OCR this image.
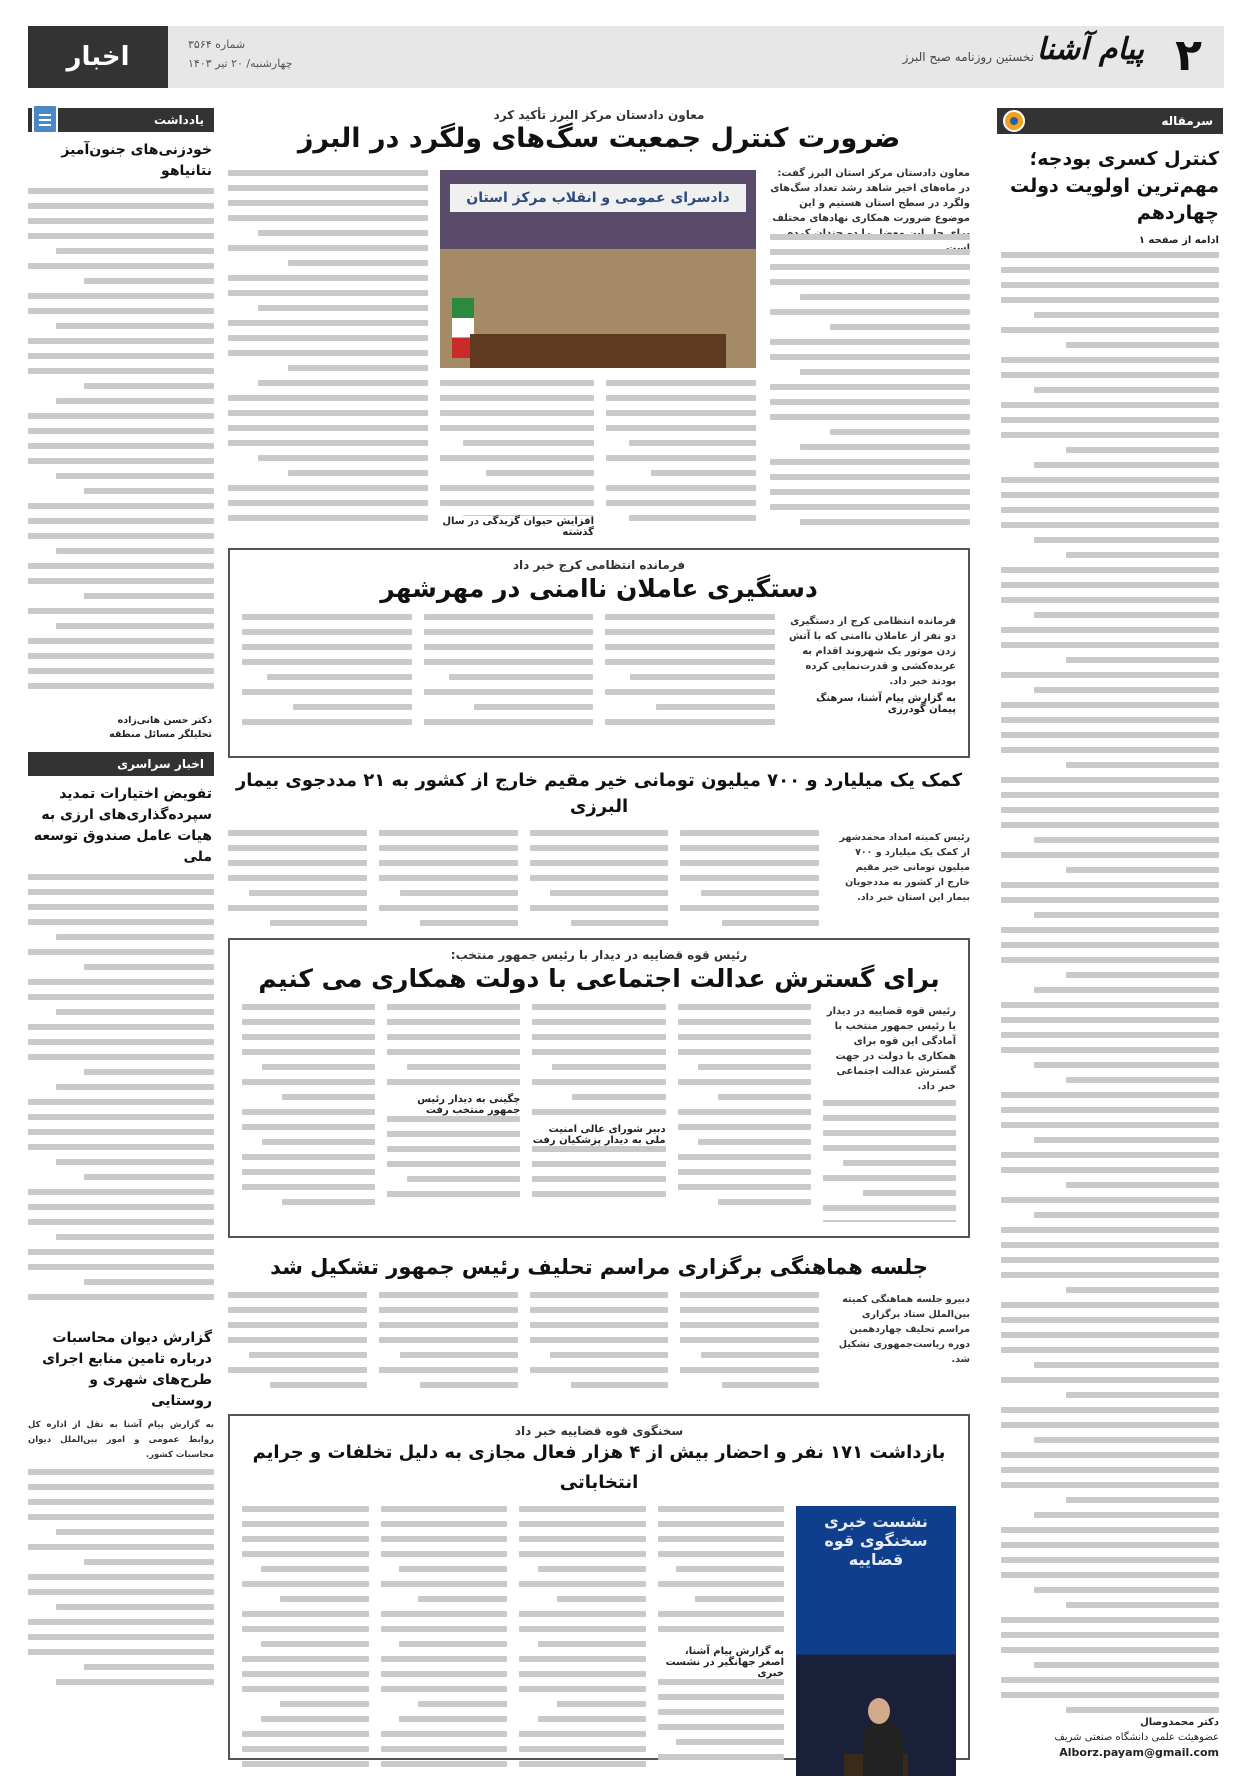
۲
پیام آشنا
نخستین روزنامه صبح البرز
شماره ۳۵۶۴
چهارشنبه/ ۲۰ تیر ۱۴۰۳
اخبار
سرمقاله
کنترل کسری بودجه؛مهم‌ترین اولویت دولت چهاردهم
ادامه از صفحه ۱
دکتر محمدوصال
عضوهیئت علمی دانشگاه صنعتی شریف
Alborz.payam@gmail.com
یادداشت
خودزنی‌های جنون‌آمیز نتانیاهو
دکتر حسن هانی‌زاده
تحلیلگر مسائل منطقه
اخبار سراسری
تفویض اختیارات تمدید سپرده‌گذاری‌های ارزی به هیات عامل صندوق توسعه ملی
گزارش دیوان محاسبات درباره تامین منابع اجرای طرح‌های شهری و روستایی
به گزارش پیام آشنا به نقل از اداره کل روابط عمومی و امور بین‌الملل دیوان محاسبات کشور.
معاون دادستان مرکز البرز تأکید کرد
ضرورت کنترل جمعیت سگ‌های ولگرد در البرز
معاون دادستان مرکز استان البرز گفت: در ماه‌های اخیر شاهد رشد تعداد سگ‌های ولگرد در سطح استان هستیم و این موضوع ضرورت همکاری نهادهای مختلف
دادسرای عمومی و انقلاب مرکز استان
افزایش حیوان گزیدگی در سال گذشته
فرمانده انتظامی کرج خبر داد
دستگیری عاملان ناامنی در مهرشهر
فرمانده انتظامی کرج از دستگیری دو نفر از عاملان ناامنی که با آتش زدن موتور یک شهروند اقدام به عربده‌کشی و قدرت‌نمایی کرده بودند خبر داد.
به گزارش پیام آشنا، سرهنگ پیمان گودرزی
کمک یک میلیارد و ۷۰۰ میلیون تومانی خیر مقیم خارج از کشور به ۲۱ مددجوی بیمار البرزی
رئیس کمیته امداد محمدشهر از کمک یک میلیارد و ۷۰۰ میلیون تومانی خیر مقیم خارج از کشور به مددجویان بیمار این استان خبر داد.
رئیس قوه قضاییه در دیدار با رئیس جمهور منتخب:
برای گسترش عدالت اجتماعی با دولت همکاری می کنیم
رئیس قوه قضاییه در دیدار با رئیس جمهور منتخب با آمادگی این قوه برای همکاری با دولت در جهت گسترش عدالت اجتماعی خبر داد.
دبیر شورای عالی امنیت ملی به دیدار پزشکیان رفت
چگینی به دیدار رئیس جمهور منتخب رفت
جلسه هماهنگی برگزاری مراسم تحلیف رئیس جمهور تشکیل شد
دبیرو جلسه هماهنگی کمیته بین‌الملل ستاد برگزاری مراسم تحلیف چهاردهمین دوره ریاست‌جمهوری تشکیل شد.
سخنگوی قوه قضاییه خبر داد
بازداشت ۱۷۱ نفر و احضار بیش از ۴ هزار فعال مجازی به دلیل تخلفات و جرایم انتخاباتی
نشست خبری سخنگوی قوه قضاییه
به گزارش پیام آشنا، اصغر جهانگیر در نشست خبری
